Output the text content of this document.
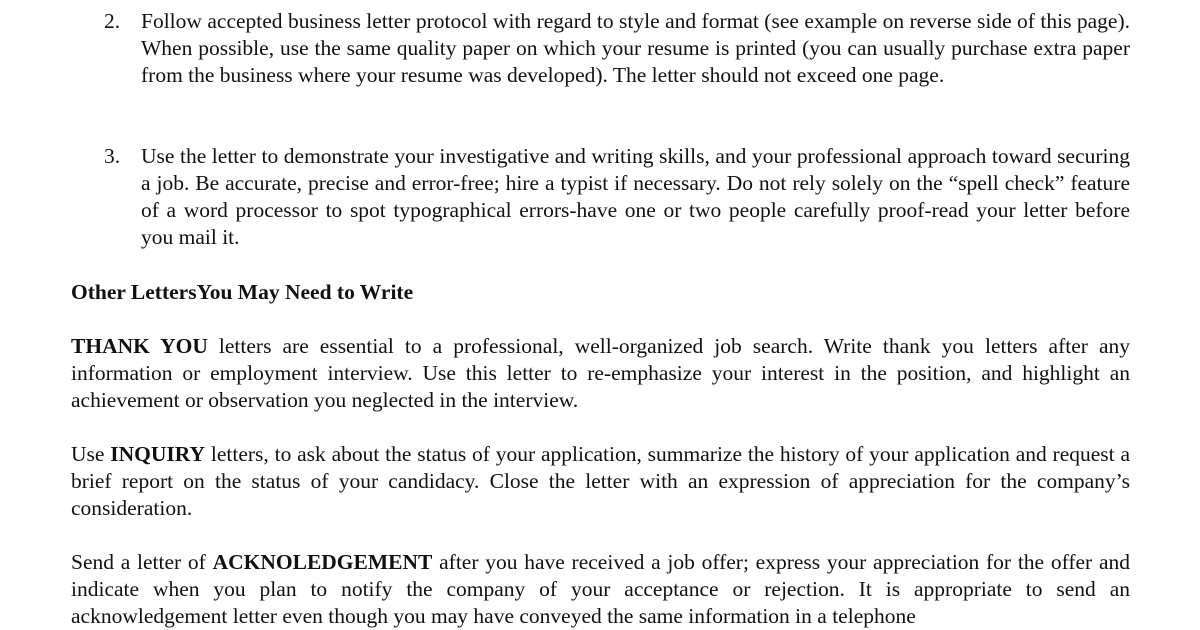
2. Follow accepted business letter protocol with regard to style and format (see example on reverse side of this page). When possible, use the same quality paper on which your resume is printed (you can usually purchase extra paper from the business where your resume was developed). The letter should not exceed one page.
3. Use the letter to demonstrate your investigative and writing skills, and your professional approach toward securing a job. Be accurate, precise and error-free; hire a typist if necessary. Do not rely solely on the “spell check” feature of a word processor to spot typographical errors-have one or two people carefully proof-read your letter before you mail it.
Other LettersYou May Need to Write
THANK YOU letters are essential to a professional, well-organized job search. Write thank you letters after any information or employment interview. Use this letter to re-emphasize your interest in the position, and highlight an achievement or observation you neglected in the interview.
Use INQUIRY letters, to ask about the status of your application, summarize the history of your application and request a brief report on the status of your candidacy. Close the letter with an expression of appreciation for the company’s consideration.
Send a letter of ACKNOLEDGEMENT after you have received a job offer; express your appreciation for the offer and indicate when you plan to notify the company of your acceptance or rejection. It is appropriate to send an acknowledgement letter even though you may have conveyed the same information in a telephone
